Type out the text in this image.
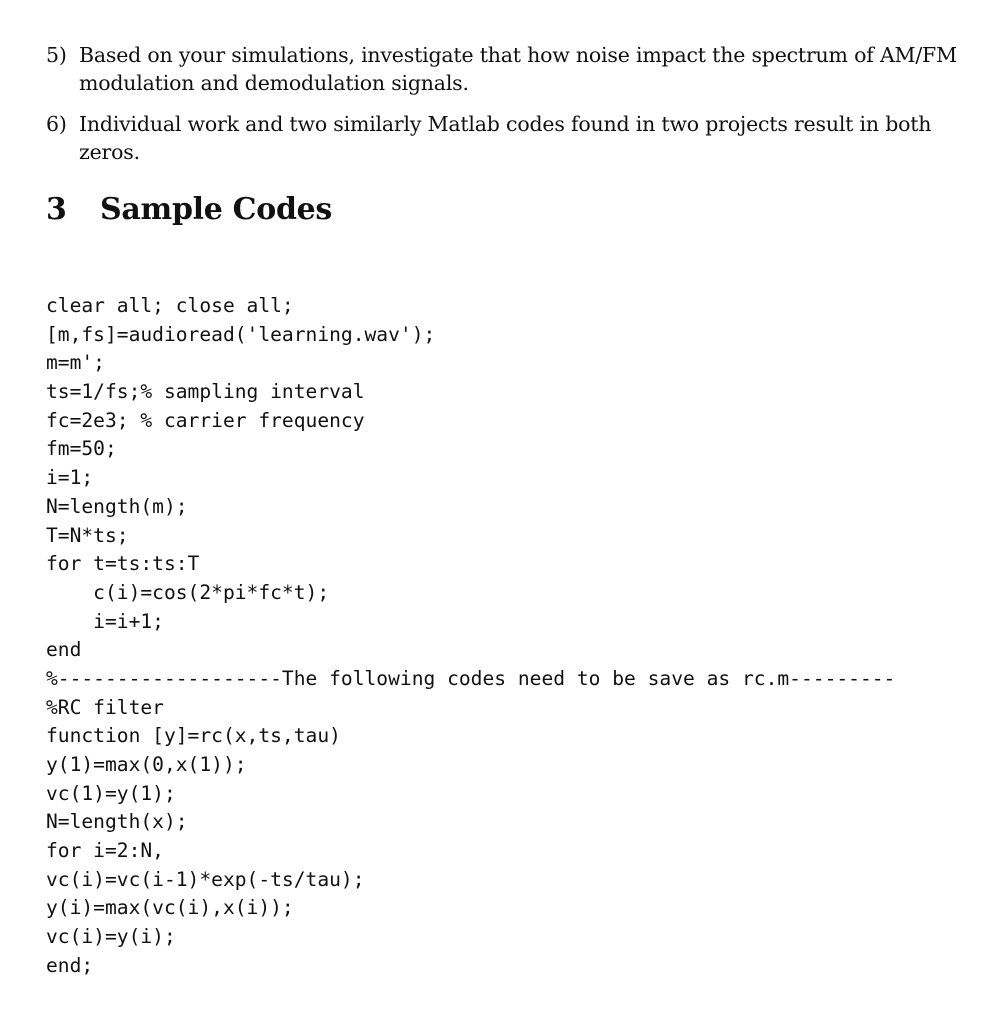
5) Based on your simulations, investigate that how noise impact the spectrum of AM/FM
modulation and demodulation signals.
6) Individual work and two similarly Matlab codes found in two projects result in both zeros.
3 Sample Codes
clear all; close all;
[m,fs]=audioread('learning.wav');
m=m';
ts=1/fs;% sampling interval
fc=2e3; % carrier frequency
fm=50;
i=1;
N=length(m);
T=N*ts;
for t=ts:ts:T
c(i)=cos(2*pi*fc*t);
i=i+1;
end
%-------------------The following codes need to be save as rc.m---------
%RC filter
function [y]=rc(x,ts,tau)
y(1)=max(0,x(1));
vc(1)=y(1);
N=length(x);
for i=2:N,
vc(i)=vc(i-1)*exp(-ts/tau);
y(i)=max(vc(i),x(i));
vc(i)=y(i);
end;
